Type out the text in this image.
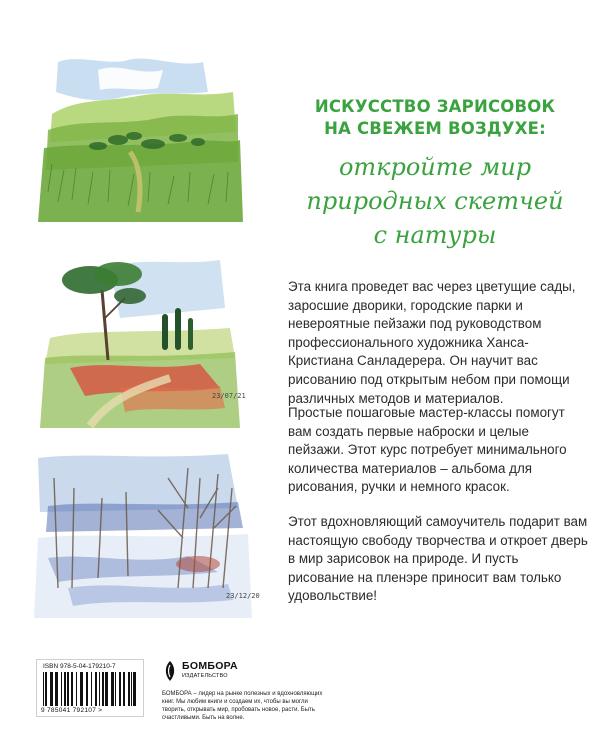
23/07/21
23/12/20
ИСКУССТВО ЗАРИСОВОК
НА СВЕЖЕМ ВОЗДУХЕ:
откройте мир
природных скетчей
с натуры

Эта книга проведет вас через цветущие сады, заросшие дворики, городские парки и невероятные пейзажи под руководством профессионального художника Ханса-Кристиана Санладерера. Он научит вас рисованию под открытым небом при помощи различных методов и материалов.

Простые пошаговые мастер-классы помогут вам создать первые наброски и целые пейзажи. Этот курс потребует минимального количества материалов – альбома для рисования, ручки и немного красок.

Этот вдохновляющий самоучитель подарит вам настоящую свободу творчества и откроет дверь в мир зарисовок на природе. И пусть рисование на пленэре приносит вам только удовольствие!

ISBN 978-5-04-179210-7
9 785041 792107 >
БОМБОРА
ИЗДАТЕЛЬСТВО
БОМБОРА – лидер на рынке полезных и вдохновляющих книг. Мы любим книги и создаем их, чтобы вы могли творить, открывать мир, пробовать новое, расти. Быть счастливыми. Быть на волне.
